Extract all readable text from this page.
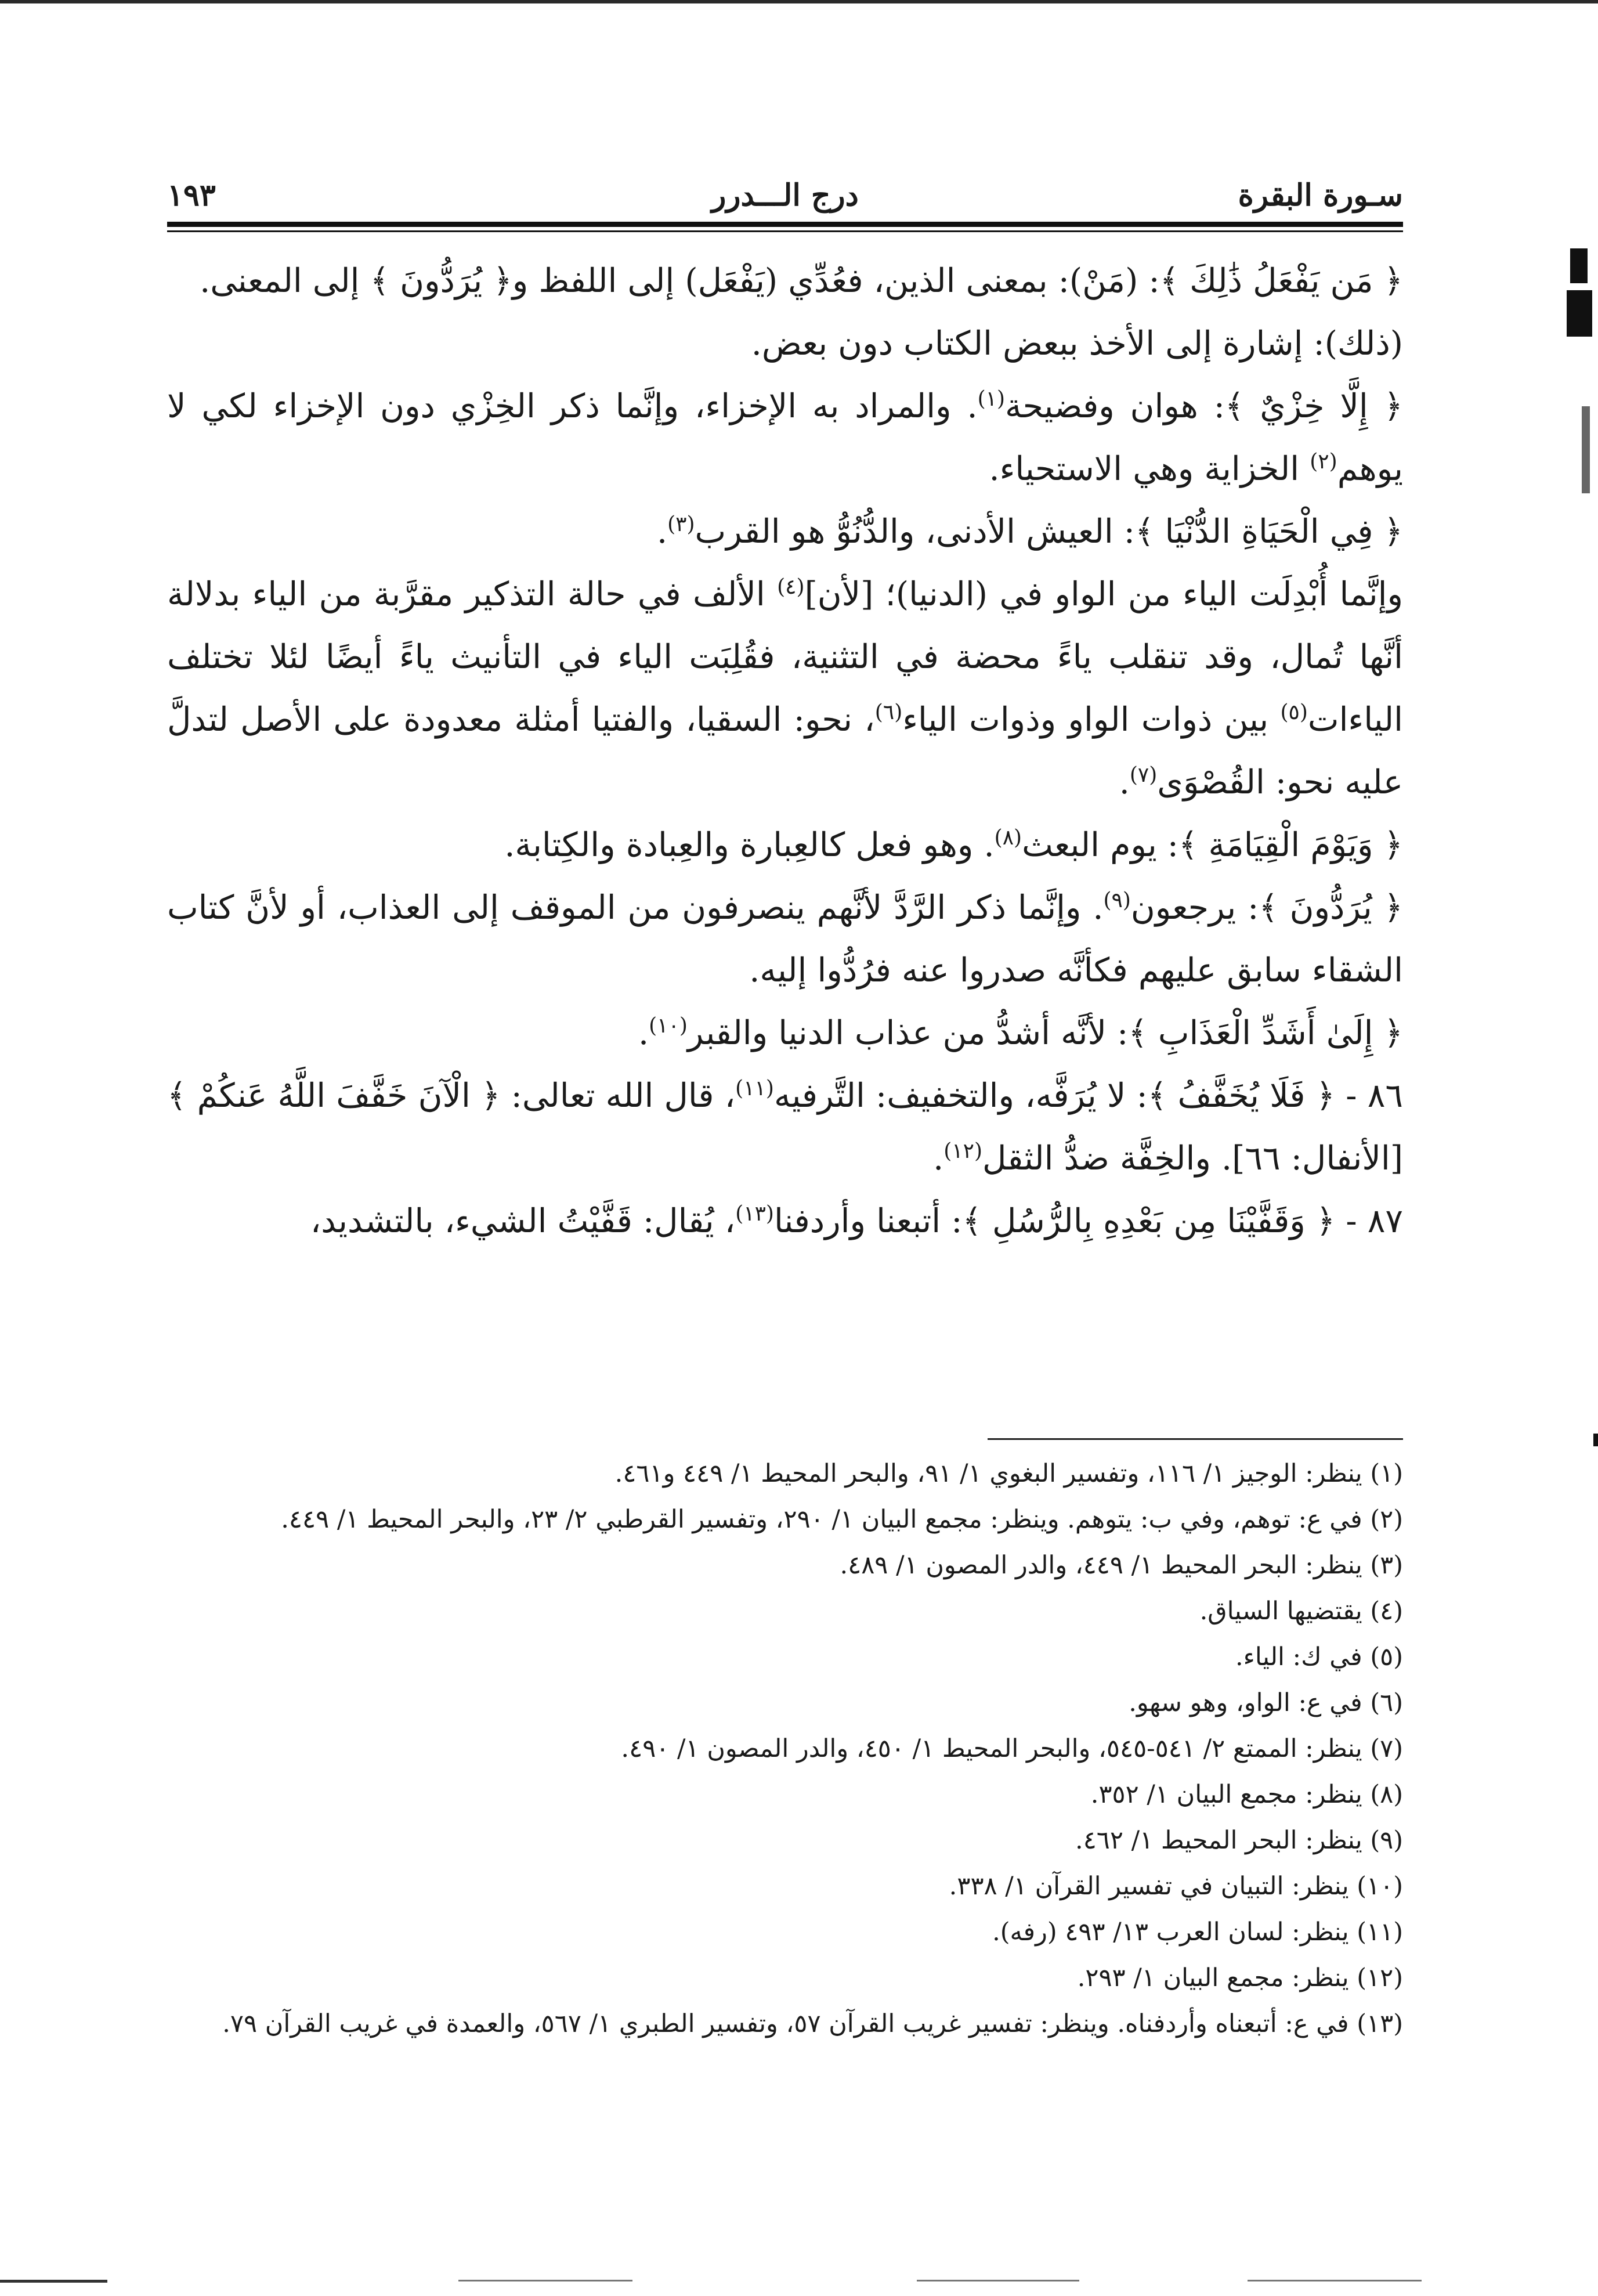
سـورة البقرة
درج الـــدرر
١٩٣

﴿ مَن يَفْعَلُ ذَٰلِكَ ﴾: (مَنْ): بمعنى الذين، فعُدِّي (يَفْعَل) إلى اللفظ و﴿ يُرَدُّونَ ﴾ إلى المعنى.

(ذلك): إشارة إلى الأخذ ببعض الكتاب دون بعض.

﴿ إِلَّا خِزْيٌ ﴾: هوان وفضيحة$^{(١)}$. والمراد به الإخزاء، وإنَّما ذكر الخِزْي دون الإخزاء لكي لا يوهم$^{(٢)}$ الخزاية وهي الاستحياء.

﴿ فِي الْحَيَاةِ الدُّنْيَا ﴾: العيش الأدنى، والدُّنُوُّ هو القرب$^{(٣)}$.

وإنَّما أُبْدِلَت الياء من الواو في (الدنيا)؛ [لأن]$^{(٤)}$ الألف في حالة التذكير مقرَّبة من الياء بدلالة أنَّها تُمال، وقد تنقلب ياءً محضة في التثنية، فقُلِبَت الياء في التأنيث ياءً أيضًا لئلا تختلف الياءات$^{(٥)}$ بين ذوات الواو وذوات الياء$^{(٦)}$، نحو: السقيا، والفتيا أمثلة معدودة على الأصل لتدلَّ عليه نحو: القُصْوَى$^{(٧)}$.

﴿ وَيَوْمَ الْقِيَامَةِ ﴾: يوم البعث$^{(٨)}$. وهو فعل كالعِبارة والعِبادة والكِتابة.

﴿ يُرَدُّونَ ﴾: يرجعون$^{(٩)}$. وإنَّما ذكر الرَّدَّ لأنَّهم ينصرفون من الموقف إلى العذاب، أو لأنَّ كتاب الشقاء سابق عليهم فكأنَّه صدروا عنه فرُدُّوا إليه.

﴿ إِلَىٰ أَشَدِّ الْعَذَابِ ﴾: لأنَّه أشدُّ من عذاب الدنيا والقبر$^{(١٠)}$.

٨٦ - ﴿ فَلَا يُخَفَّفُ ﴾: لا يُرَفَّه، والتخفيف: التَّرفيه$^{(١١)}$، قال الله تعالى: ﴿ الْآنَ خَفَّفَ اللَّهُ عَنكُمْ ﴾ [الأنفال: ٦٦]. والخِفَّة ضدُّ الثقل$^{(١٢)}$.

٨٧ - ﴿ وَقَفَّيْنَا مِن بَعْدِهِ بِالرُّسُلِ ﴾: أتبعنا وأردفنا$^{(١٣)}$، يُقال: قَفَّيْتُ الشيء، بالتشديد،

(١) ينظر: الوجيز ١/ ١١٦، وتفسير البغوي ١/ ٩١، والبحر المحيط ١/ ٤٤٩ و٤٦١.
(٢) في ع: توهم، وفي ب: يتوهم. وينظر: مجمع البيان ١/ ٢٩٠، وتفسير القرطبي ٢/ ٢٣، والبحر المحيط ١/ ٤٤٩.
(٣) ينظر: البحر المحيط ١/ ٤٤٩، والدر المصون ١/ ٤٨٩.
(٤) يقتضيها السياق.
(٥) في ك: الياء.
(٦) في ع: الواو، وهو سهو.
(٧) ينظر: الممتع ٢/ ٥٤١-٥٤٥، والبحر المحيط ١/ ٤٥٠، والدر المصون ١/ ٤٩٠.
(٨) ينظر: مجمع البيان ١/ ٣٥٢.
(٩) ينظر: البحر المحيط ١/ ٤٦٢.
(١٠) ينظر: التبيان في تفسير القرآن ١/ ٣٣٨.
(١١) ينظر: لسان العرب ١٣/ ٤٩٣ (رفه).
(١٢) ينظر: مجمع البيان ١/ ٢٩٣.
(١٣) في ع: أتبعناه وأردفناه. وينظر: تفسير غريب القرآن ٥٧، وتفسير الطبري ١/ ٥٦٧، والعمدة في غريب القرآن ٧٩.
